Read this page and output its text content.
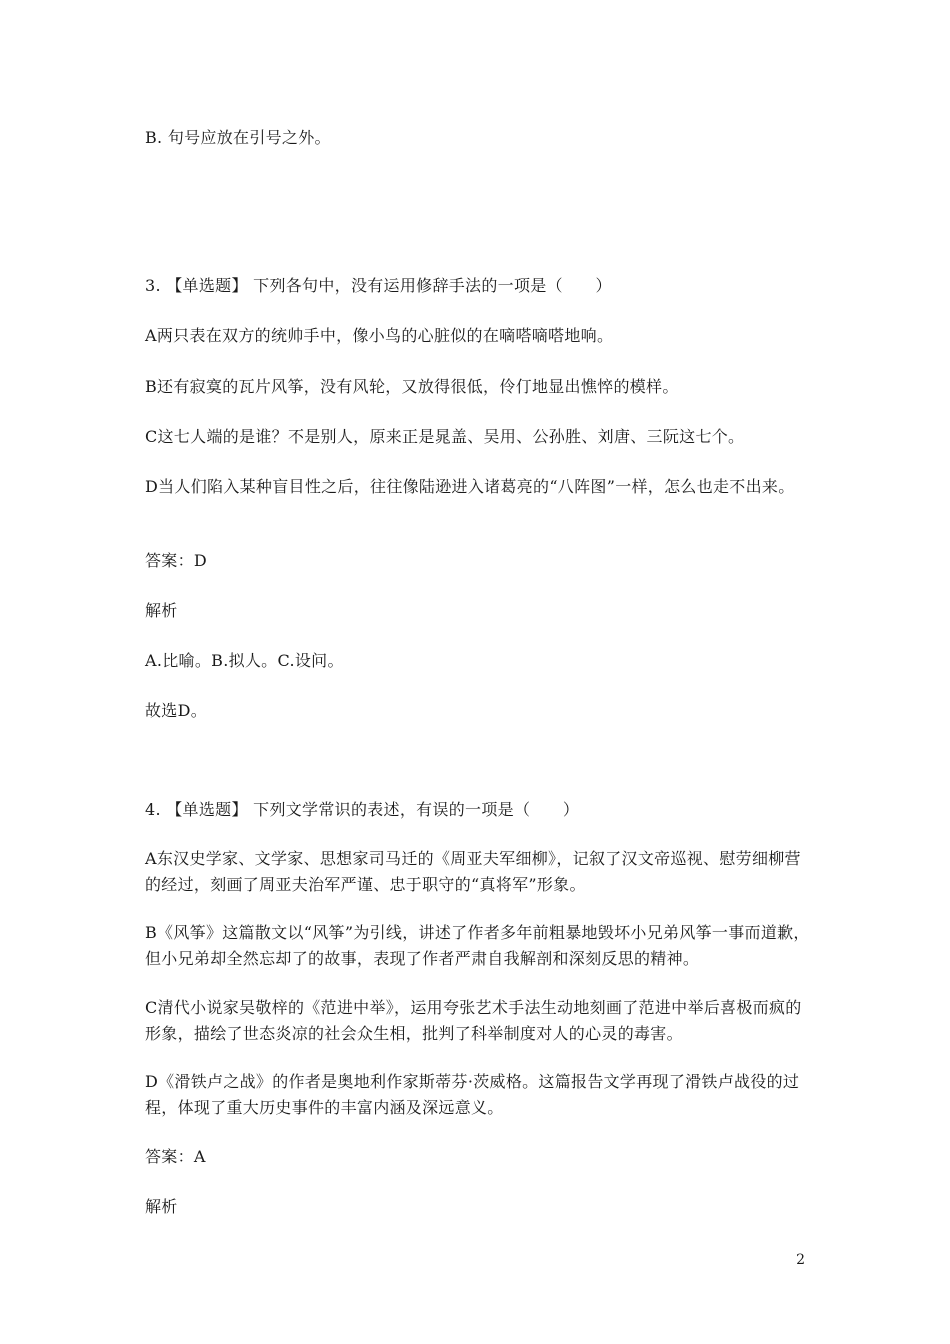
B. 句号应放在引号之外。
3. 【单选题】 下列各句中，没有运用修辞手法的一项是（　　）
A两只表在双方的统帅手中，像小鸟的心脏似的在嘀嗒嘀嗒地响。
B还有寂寞的瓦片风筝，没有风轮，又放得很低，伶仃地显出憔悴的模样。
C这七人端的是谁？不是别人，原来正是晁盖、吴用、公孙胜、刘唐、三阮这七个。
D当人们陷入某种盲目性之后，往往像陆逊进入诸葛亮的“八阵图”一样，怎么也走不出来。
答案：D
解析
A.比喻。B.拟人。C.设问。
故选D。
4. 【单选题】 下列文学常识的表述，有误的一项是（　　）
A东汉史学家、文学家、思想家司马迁的《周亚夫军细柳》，记叙了汉文帝巡视、慰劳细柳营的经过，刻画了周亚夫治军严谨、忠于职守的“真将军”形象。
B《风筝》这篇散文以“风筝”为引线，讲述了作者多年前粗暴地毁坏小兄弟风筝一事而道歉，但小兄弟却全然忘却了的故事，表现了作者严肃自我解剖和深刻反思的精神。
C清代小说家吴敬梓的《范进中举》，运用夸张艺术手法生动地刻画了范进中举后喜极而疯的形象，描绘了世态炎凉的社会众生相，批判了科举制度对人的心灵的毒害。
D《滑铁卢之战》的作者是奥地利作家斯蒂芬·茨威格。这篇报告文学再现了滑铁卢战役的过程，体现了重大历史事件的丰富内涵及深远意义。
答案：A
解析
2
